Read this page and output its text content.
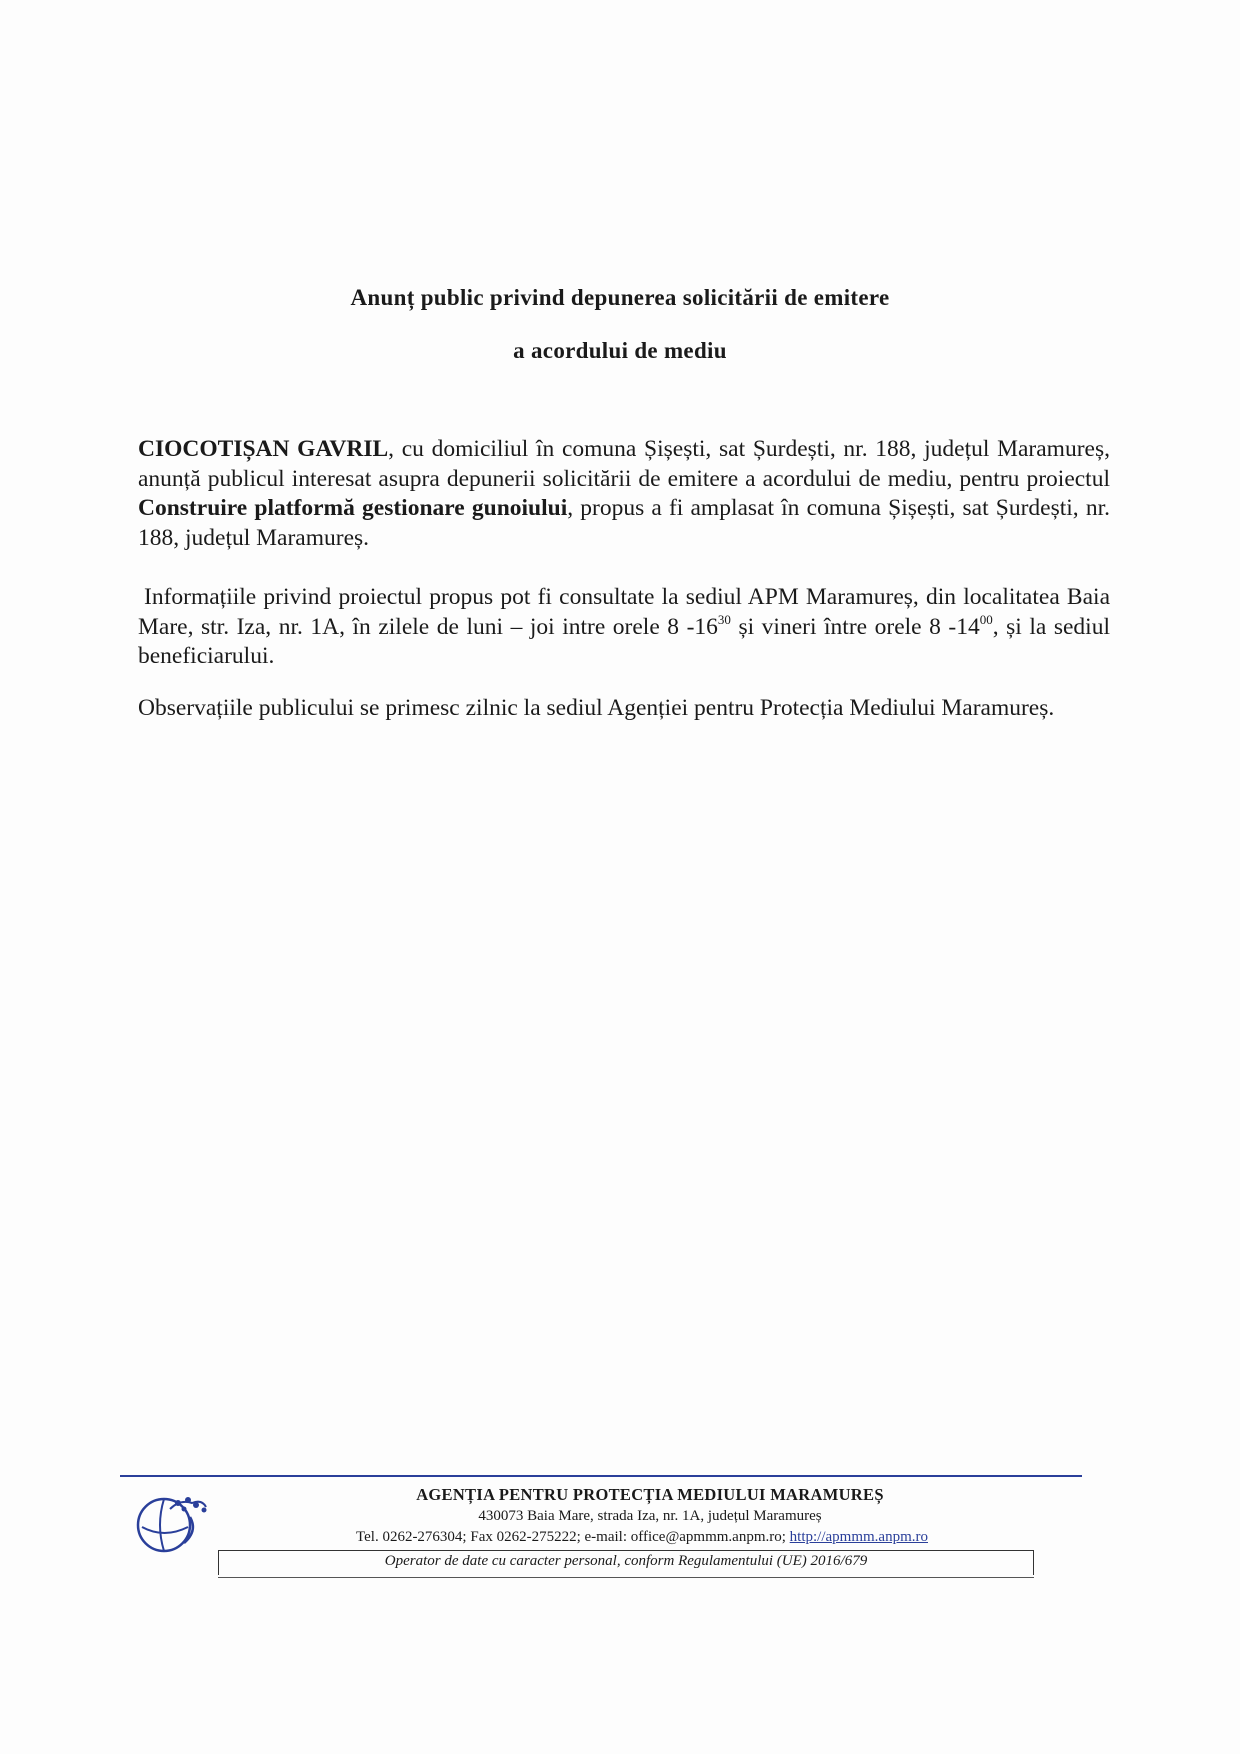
Anunț public privind depunerea solicitării de emitere
a acordului de mediu

CIOCOTIȘAN GAVRIL, cu domiciliul în comuna Șișești, sat Șurdești, nr. 188, județul Maramureș, anunță publicul interesat asupra depunerii solicitării de emitere a acordului de mediu, pentru proiectul Construire platformă gestionare gunoiului, propus a fi amplasat în comuna Șișești, sat Șurdești, nr. 188, județul Maramureș.

Informațiile privind proiectul propus pot fi consultate la sediul APM Maramureș, din localitatea Baia Mare, str. Iza, nr. 1A, în zilele de luni – joi intre orele 8 $-16^{30}$ și vineri între orele 8 $-14^{00}$, și la sediul beneficiarului.

Observațiile publicului se primesc zilnic la sediul Agenției pentru Protecția Mediului Maramureș.

AGENȚIA PENTRU PROTECȚIA MEDIULUI MARAMUREȘ
430073 Baia Mare, strada Iza, nr. 1A, județul Maramureș
Tel. 0262-276304; Fax 0262-275222; e-mail: office@apmmm.anpm.ro; http://apmmm.anpm.ro
Operator de date cu caracter personal, conform Regulamentului (UE) 2016/679
